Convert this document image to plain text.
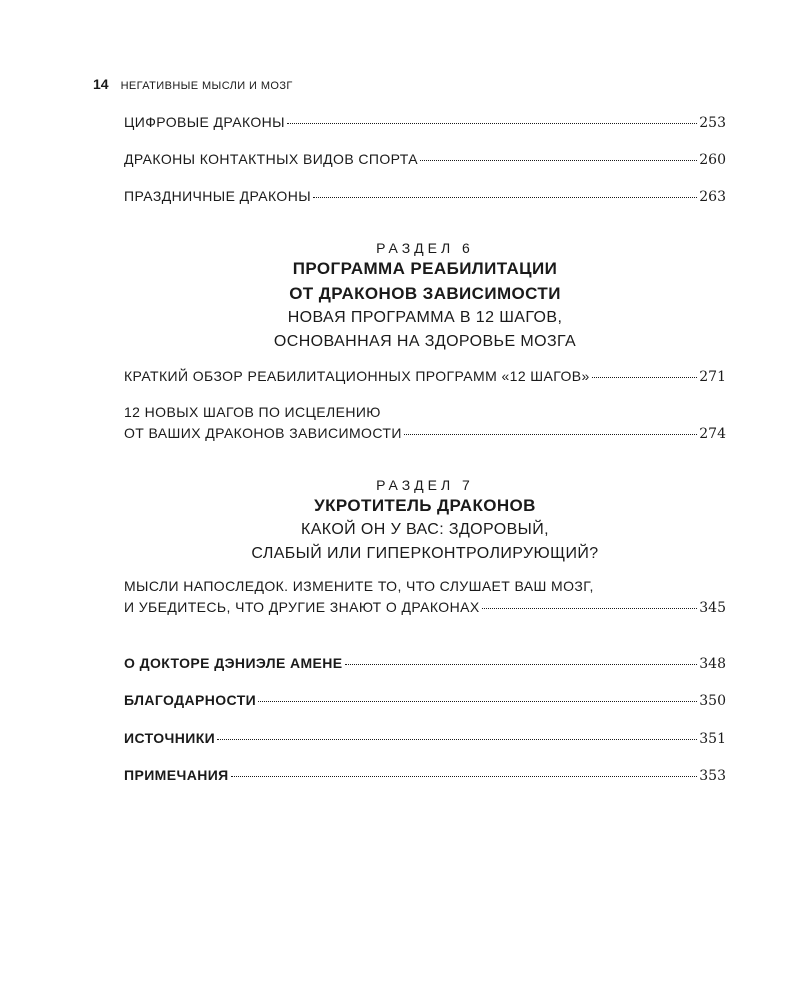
14 НЕГАТИВНЫЕ МЫСЛИ И МОЗГ
ЦИФРОВЫЕ ДРАКОНЫ	253
ДРАКОНЫ КОНТАКТНЫХ ВИДОВ СПОРТА	260
ПРАЗДНИЧНЫЕ ДРАКОНЫ	263
РАЗДЕЛ 6
ПРОГРАММА РЕАБИЛИТАЦИИ
ОТ ДРАКОНОВ ЗАВИСИМОСТИ
НОВАЯ ПРОГРАММА В 12 ШАГОВ,
ОСНОВАННАЯ НА ЗДОРОВЬЕ МОЗГА
КРАТКИЙ ОБЗОР РЕАБИЛИТАЦИОННЫХ ПРОГРАММ «12 ШАГОВ»	271
12 НОВЫХ ШАГОВ ПО ИСЦЕЛЕНИЮ
ОТ ВАШИХ ДРАКОНОВ ЗАВИСИМОСТИ	274
РАЗДЕЛ 7
УКРОТИТЕЛЬ ДРАКОНОВ
КАКОЙ ОН У ВАС: ЗДОРОВЫЙ,
СЛАБЫЙ ИЛИ ГИПЕРКОНТРОЛИРУЮЩИЙ?
МЫСЛИ НАПОСЛЕДОК. ИЗМЕНИТЕ ТО, ЧТО СЛУШАЕТ ВАШ МОЗГ,
И УБЕДИТЕСЬ, ЧТО ДРУГИЕ ЗНАЮТ О ДРАКОНАХ	345
О ДОКТОРЕ ДЭНИЭЛЕ АМЕНЕ	348
БЛАГОДАРНОСТИ	350
ИСТОЧНИКИ	351
ПРИМЕЧАНИЯ	353
